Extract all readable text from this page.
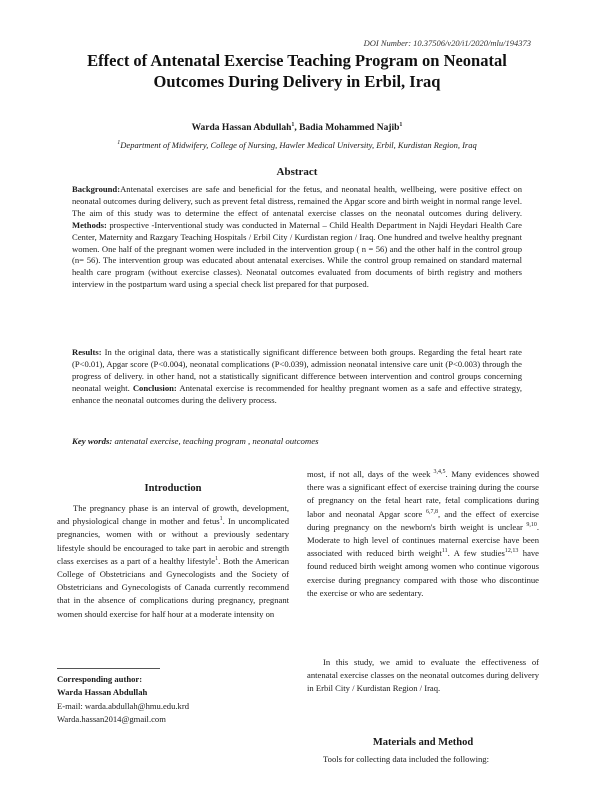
DOI Number: 10.37506/v20/i1/2020/mlu/194373
Effect of Antenatal Exercise Teaching Program on Neonatal
Outcomes During Delivery in Erbil, Iraq
Warda Hassan Abdullah$^1$, Badia Mohammed Najib$^1$
$^1$Department of Midwifery, College of Nursing, Hawler Medical University, Erbil, Kurdistan Region, Iraq
Abstract

Background:Antenatal exercises are safe and beneficial for the fetus, and neonatal health, wellbeing, were positive effect on neonatal outcomes during delivery, such as prevent fetal distress, remained the Apgar score and birth weight in normal range level. The aim of this study was to determine the effect of antenatal exercise classes on the neonatal outcomes during delivery. Methods: prospective -Interventional study was conducted in Maternal – Child Health Department in Najdi Heydari Health Care Center, Maternity and Razgary Teaching Hospitals / Erbil City / Kurdistan region / Iraq. One hundred and twelve healthy pregnant women. One half of the pregnant women were included in the intervention group ( n = 56) and the other half in the control group (n= 56). The intervention group was educated about antenatal exercises. While the control group remained on standard maternal health care program (without exercise classes). Neonatal outcomes evaluated from documents of birth registry and mothers interview in the postpartum ward using a special check list prepared for that purposed.

Results: In the original data, there was a statistically significant difference between both groups. Regarding the fetal heart rate (P<0.01), Apgar score (P<0.004), neonatal complications (P<0.039), admission neonatal intensive care unit (P<0.003) through the progress of delivery. in other hand, not a statistically significant difference between intervention and control groups concerning neonatal weight. Conclusion: Antenatal exercise is recommended for healthy pregnant women as a safe and effective strategy, enhance the neonatal outcomes during the delivery process.

Key words: antenatal exercise, teaching program , neonatal outcomes

Introduction

The pregnancy phase is an interval of growth, development, and physiological change in mother and fetus$^1$. In uncomplicated pregnancies, women with or without a previously sedentary lifestyle should be encouraged to take part in aerobic and strength class exercises as a part of a healthy lifestyle$^1$. Both the American College of Obstetricians and Gynecologists and the Society of Obstetricians and Gynecologists of Canada currently recommend that in the absence of complications during pregnancy, pregnant women should exercise for half hour at a moderate intensity on

Corresponding author:

Warda Hassan Abdullah

E-mail: warda.abdullah@hmu.edu.krd

Warda.hassan2014@gmail.com

most, if not all, days of the week $^{3,4,5}$. Many evidences showed there was a significant effect of exercise training during the course of pregnancy on the fetal heart rate, fetal complications during labor and neonatal Apgar score $^{6,7,8}$, and the effect of exercise during pregnancy on the newborn's birth weight is unclear $^{9,10}$. Moderate to high level of continues maternal exercise have been associated with reduced birth weight$^{11}$. A few studies$^{12,13}$ have found reduced birth weight among women who continue vigorous exercise during pregnancy compared with those who discontinue the exercise or who are sedentary.

In this study, we amid to evaluate the effectiveness of antenatal exercise classes on the neonatal outcomes during delivery in Erbil City / Kurdistan Region / Iraq.

Materials and Method

Tools for collecting data included the following:
